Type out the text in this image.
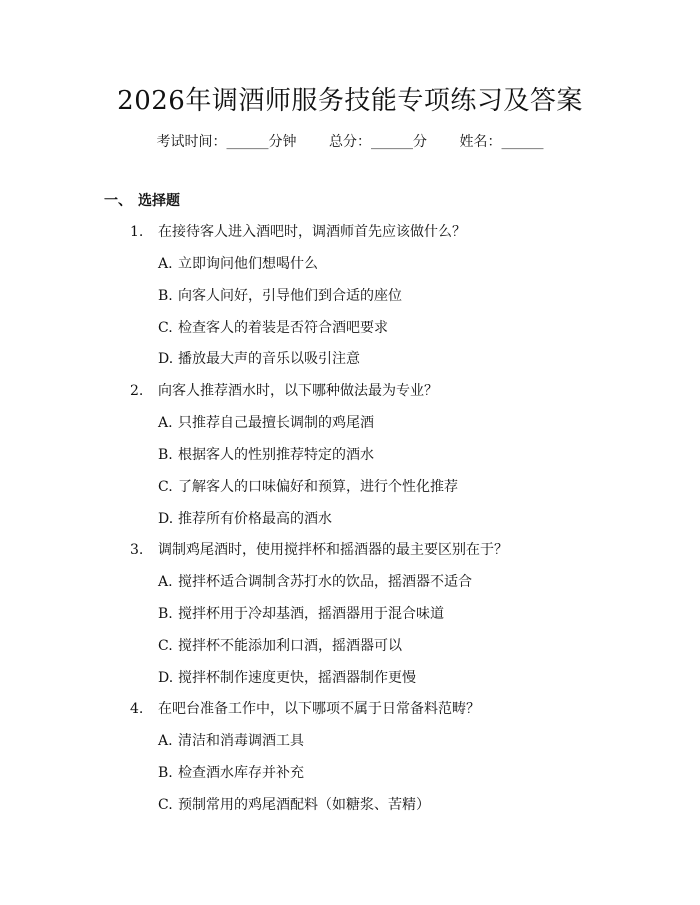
2026年调酒师服务技能专项练习及答案
考试时间：______分钟 总分：______分 姓名：______
一、 选择题
1. 在接待客人进入酒吧时，调酒师首先应该做什么？
A. 立即询问他们想喝什么
B. 向客人问好，引导他们到合适的座位
C. 检查客人的着装是否符合酒吧要求
D. 播放最大声的音乐以吸引注意
2. 向客人推荐酒水时，以下哪种做法最为专业？
A. 只推荐自己最擅长调制的鸡尾酒
B. 根据客人的性别推荐特定的酒水
C. 了解客人的口味偏好和预算，进行个性化推荐
D. 推荐所有价格最高的酒水
3. 调制鸡尾酒时，使用搅拌杯和摇酒器的最主要区别在于？
A. 搅拌杯适合调制含苏打水的饮品，摇酒器不适合
B. 搅拌杯用于冷却基酒，摇酒器用于混合味道
C. 搅拌杯不能添加利口酒，摇酒器可以
D. 搅拌杯制作速度更快，摇酒器制作更慢
4. 在吧台准备工作中，以下哪项不属于日常备料范畴？
A. 清洁和消毒调酒工具
B. 检查酒水库存并补充
C. 预制常用的鸡尾酒配料（如糖浆、苦精）
